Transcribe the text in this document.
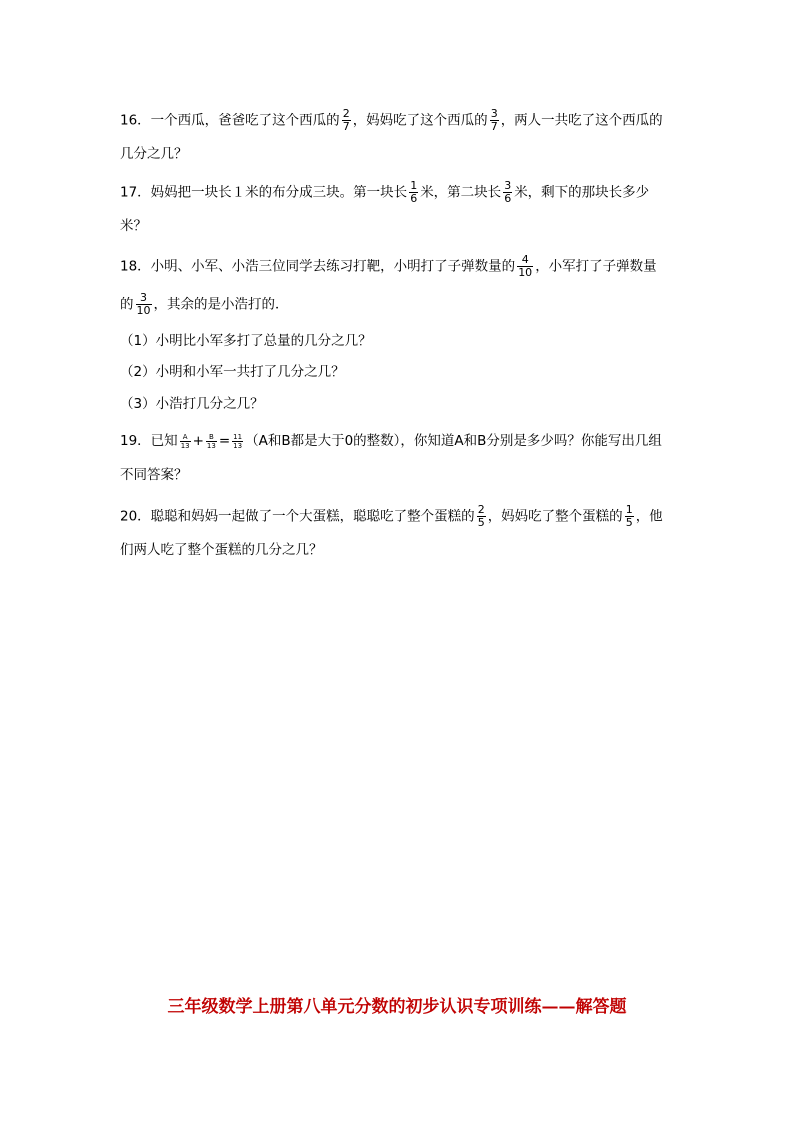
16．一个西瓜，爸爸吃了这个西瓜的 $\frac{2}{7}$ ，妈妈吃了这个西瓜的 $\frac{3}{7}$ ，两人一共吃了这个西瓜的
几分之几？
17．妈妈把一块长１米的布分成三块。第一块长 $\frac{1}{6}$ 米，第二块长 $\frac{3}{6}$ 米，剩下的那块长多少
米？
18．小明、小军、小浩三位同学去练习打靶，小明打了子弹数量的 $\frac{4}{10}$ ，小军打了子弹数量
的 $\frac{3}{10}$ ，其余的是小浩打的．
（1）小明比小军多打了总量的几分之几？
（2）小明和小军一共打了几分之几？
（3）小浩打几分之几？
19．已知 $\frac{A}{13} + \frac{B}{13} = \frac{11}{13} (A$和B都是大于0的整数），你知道A和B分别是多少吗？你能写出几组
不同答案？
20．聪聪和妈妈一起做了一个大蛋糕，聪聪吃了整个蛋糕的 $\frac{2}{5}$ ，妈妈吃了整个蛋糕的 $\frac{1}{5}$ ，他
们两人吃了整个蛋糕的几分之几？
三年级数学上册第八单元分数的初步认识专项训练——解答题
